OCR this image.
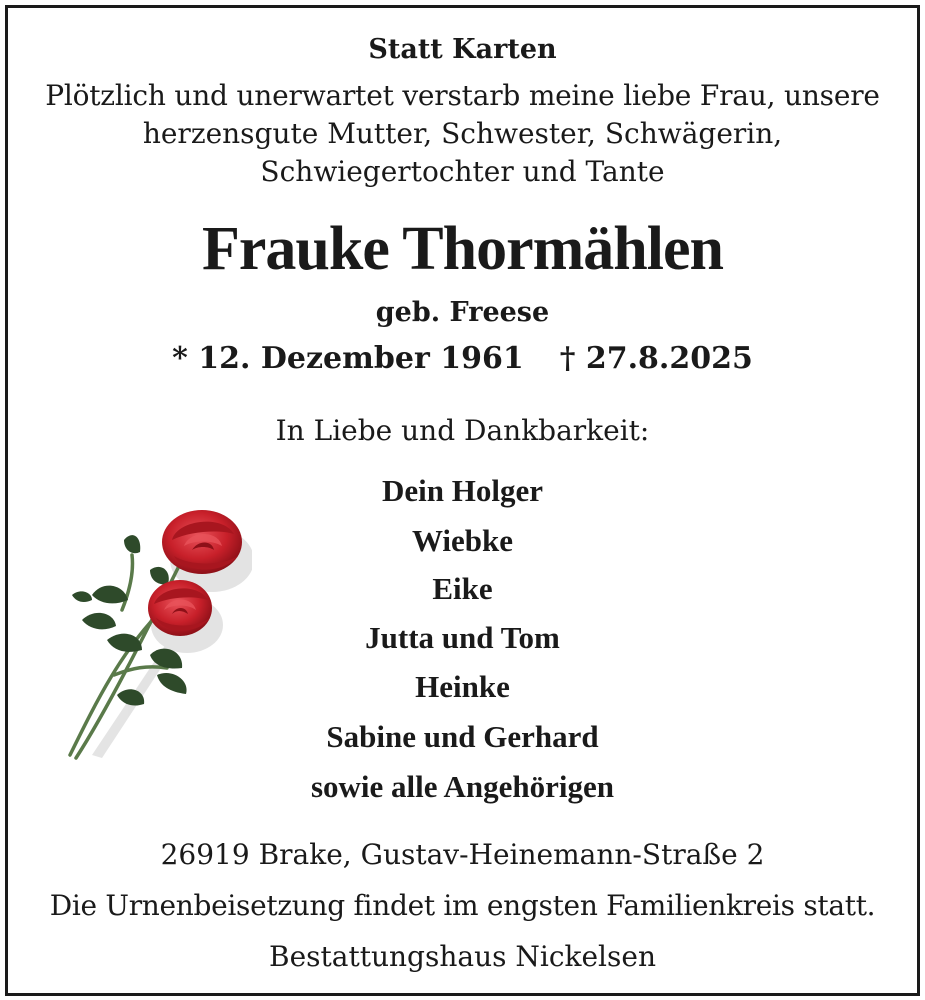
Statt Karten
Plötzlich und unerwartet verstarb meine liebe Frau, unsere
herzensgute Mutter, Schwester, Schwägerin,
Schwiegertochter und Tante
Frauke Thormählen
geb. Freese
* 12. Dezember 1961 † 27.8.2025
In Liebe und Dankbarkeit:
Dein Holger
Wiebke
Eike
Jutta und Tom
Heinke
Sabine und Gerhard
sowie alle Angehörigen
26919 Brake, Gustav-Heinemann-Straße 2
Die Urnenbeisetzung findet im engsten Familienkreis statt.
Bestattungshaus Nickelsen
